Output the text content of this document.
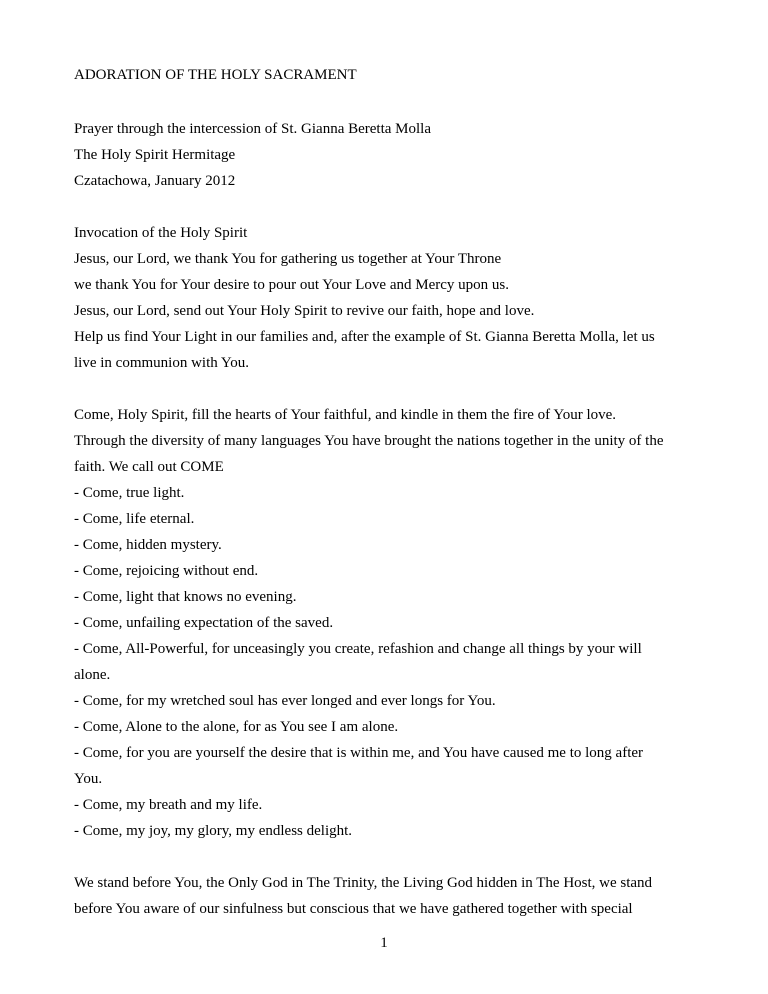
ADORATION OF THE HOLY SACRAMENT

Prayer through the intercession of St. Gianna Beretta Molla

The Holy Spirit Hermitage

Czatachowa, January 2012

Invocation of the Holy Spirit

Jesus, our Lord, we thank You for gathering us together at Your Throne

we thank You for Your desire to pour out Your Love and Mercy upon us.

Jesus, our Lord, send out Your Holy Spirit to revive our faith, hope and love.

Help us find Your Light in our families and, after the example of St. Gianna Beretta Molla, let us

live in communion with You.

Come, Holy Spirit, fill the hearts of Your faithful, and kindle in them the fire of Your love.

Through the diversity of many languages You have brought the nations together in the unity of the

faith. We call out COME

- Come, true light.

- Come, life eternal.

- Come, hidden mystery.

- Come, rejoicing without end.

- Come, light that knows no evening.

- Come, unfailing expectation of the saved.

- Come, All-Powerful, for unceasingly you create, refashion and change all things by your will

alone.

- Come, for my wretched soul has ever longed and ever longs for You.

- Come, Alone to the alone, for as You see I am alone.

- Come, for you are yourself the desire that is within me, and You have caused me to long after

You.

- Come, my breath and my life.

- Come, my joy, my glory, my endless delight.

We stand before You, the Only God in The Trinity, the Living God hidden in The Host, we stand

before You aware of our sinfulness but conscious that we have gathered together with special

1
